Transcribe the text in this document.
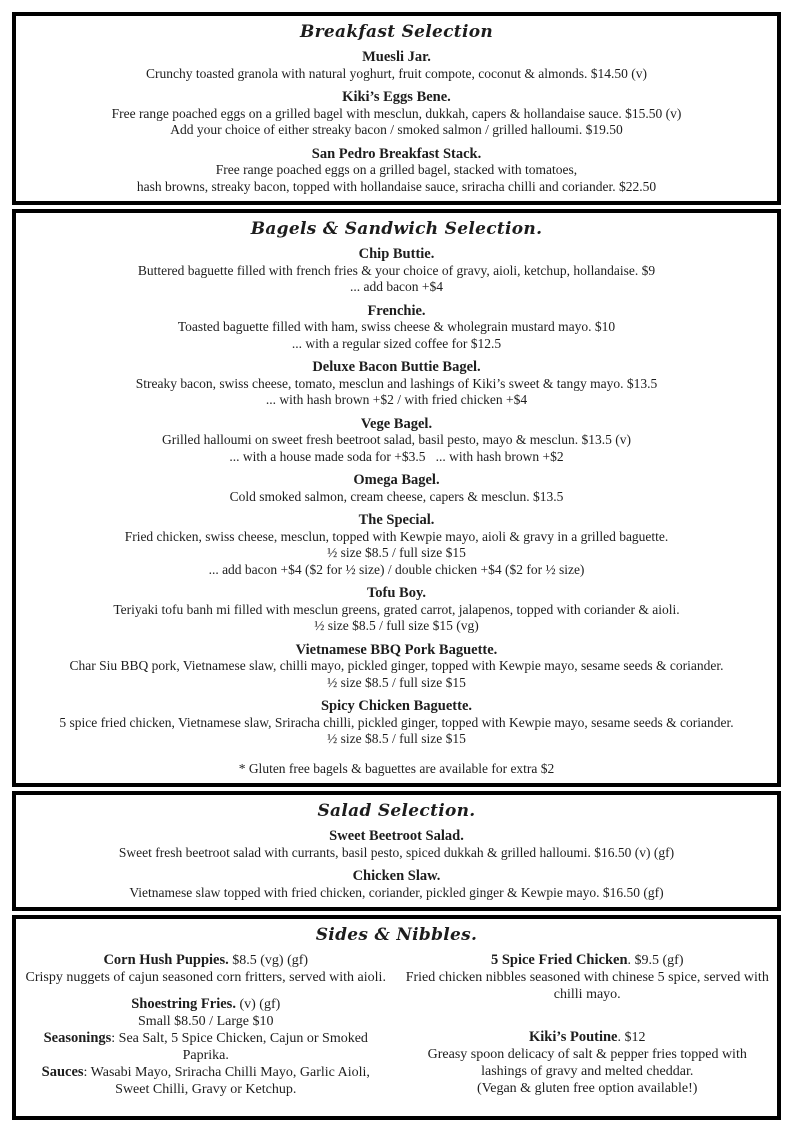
Breakfast Selection
Muesli Jar.
Crunchy toasted granola with natural yoghurt, fruit compote, coconut & almonds. $14.50 (v)
Kiki’s Eggs Bene.
Free range poached eggs on a grilled bagel with mesclun, dukkah, capers & hollandaise sauce. $15.50 (v)
Add your choice of either streaky bacon / smoked salmon / grilled halloumi. $19.50
San Pedro Breakfast Stack.
Free range poached eggs on a grilled bagel, stacked with tomatoes,
hash browns, streaky bacon, topped with hollandaise sauce, sriracha chilli and coriander. $22.50
Bagels & Sandwich Selection.
Chip Buttie.
Buttered baguette filled with french fries & your choice of gravy, aioli, ketchup, hollandaise. $9
... add bacon +$4
Frenchie.
Toasted baguette filled with ham, swiss cheese & wholegrain mustard mayo. $10
... with a regular sized coffee for $12.5
Deluxe Bacon Buttie Bagel.
Streaky bacon, swiss cheese, tomato, mesclun and lashings of Kiki’s sweet & tangy mayo. $13.5
... with hash brown +$2 / with fried chicken +$4
Vege Bagel.
Grilled halloumi on sweet fresh beetroot salad, basil pesto, mayo & mesclun. $13.5 (v)
... with a house made soda for +$3.5  ... with hash brown +$2
Omega Bagel.
Cold smoked salmon, cream cheese, capers & mesclun. $13.5
The Special.
Fried chicken, swiss cheese, mesclun, topped with Kewpie mayo, aioli & gravy in a grilled baguette.
½ size $8.5 / full size $15
... add bacon +$4 ($2 for ½ size) / double chicken +$4 ($2 for ½ size)
Tofu Boy.
Teriyaki tofu banh mi filled with mesclun greens, grated carrot, jalapenos, topped with coriander & aioli.
½ size $8.5 / full size $15 (vg)
Vietnamese BBQ Pork Baguette.
Char Siu BBQ pork, Vietnamese slaw, chilli mayo, pickled ginger, topped with Kewpie mayo, sesame seeds & coriander.
½ size $8.5 / full size $15
Spicy Chicken Baguette.
5 spice fried chicken, Vietnamese slaw, Sriracha chilli, pickled ginger, topped with Kewpie mayo, sesame seeds & coriander.
½ size $8.5 / full size $15
* Gluten free bagels & baguettes are available for extra $2
Salad Selection.
Sweet Beetroot Salad.
Sweet fresh beetroot salad with currants, basil pesto, spiced dukkah & grilled halloumi. $16.50 (v) (gf)
Chicken Slaw.
Vietnamese slaw topped with fried chicken, coriander, pickled ginger & Kewpie mayo. $16.50 (gf)
Sides & Nibbles.
Corn Hush Puppies. $8.5 (vg) (gf)
Crispy nuggets of cajun seasoned corn fritters, served with aioli.
Shoestring Fries. (v) (gf)
Small $8.50 / Large $10
Seasonings: Sea Salt, 5 Spice Chicken, Cajun or Smoked Paprika.
Sauces: Wasabi Mayo, Sriracha Chilli Mayo, Garlic Aioli, Sweet Chilli, Gravy or Ketchup.
5 Spice Fried Chicken. $9.5 (gf)
Fried chicken nibbles seasoned with chinese 5 spice, served with chilli mayo.
Kiki’s Poutine. $12
Greasy spoon delicacy of salt & pepper fries topped with lashings of gravy and melted cheddar.
(Vegan & gluten free option available!)
